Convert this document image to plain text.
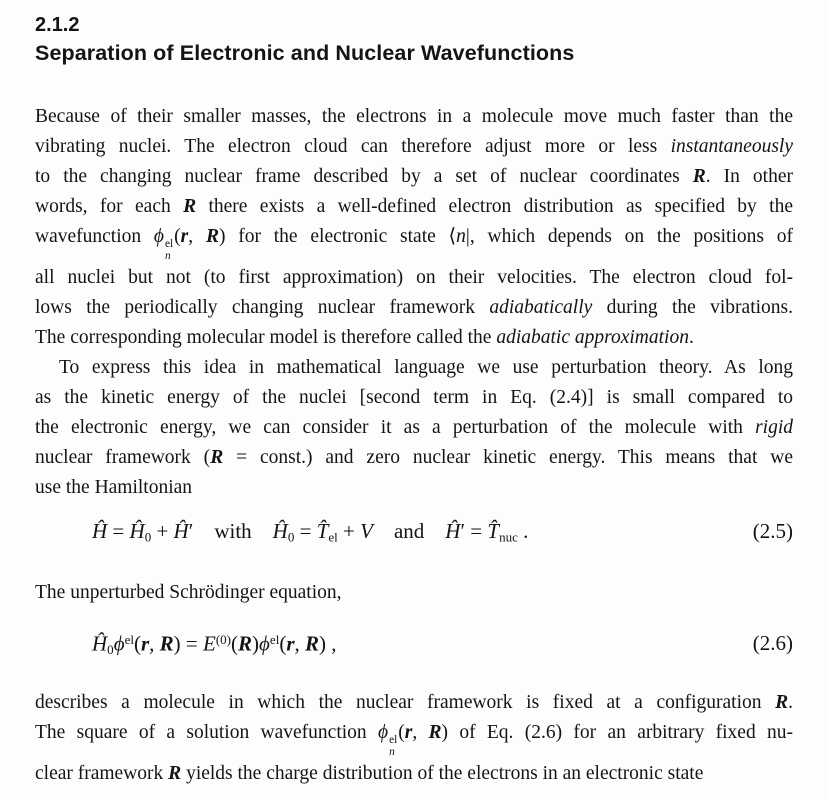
2.1.2
Separation of Electronic and Nuclear Wavefunctions
Because of their smaller masses, the electrons in a molecule move much faster than the
vibrating nuclei. The electron cloud can therefore adjust more or less instantaneously
to the changing nuclear frame described by a set of nuclear coordinates R. In other
words, for each R there exists a well-defined electron distribution as specified by the
wavefunction ϕ el
n
(r, R) for the electronic state ⟨n|, which depends on the positions of
all nuclei but not (to first approximation) on their velocities. The electron cloud fol-
lows the periodically changing nuclear framework adiabatically during the vibrations.
The corresponding molecular model is therefore called the adiabatic approximation.
To express this idea in mathematical language we use perturbation theory. As long
as the kinetic energy of the nuclei [second term in Eq. (2.4)] is small compared to
the electronic energy, we can consider it as a perturbation of the molecule with rigid
nuclear framework (R = const.) and zero nuclear kinetic energy. This means that we
use the Hamiltonian
Ĥ = Ĥ0 + Ĥ′  with  Ĥ0 = T̂el + V  and  Ĥ′ = T̂nuc .	(2.5)
The unperturbed Schrödinger equation,
$Ĥ0\phi^{el}(r$, $R) = E^{(0)}(R)\phi^{el}(r$, R) ,	(2.6)
describes a molecule in which the nuclear framework is fixed at a configuration R.
The square of a solution wavefunction ϕ el
n
(r, R) of Eq. (2.6) for an arbitrary fixed nu-
clear framework R yields the charge distribution of the electrons in an electronic state
